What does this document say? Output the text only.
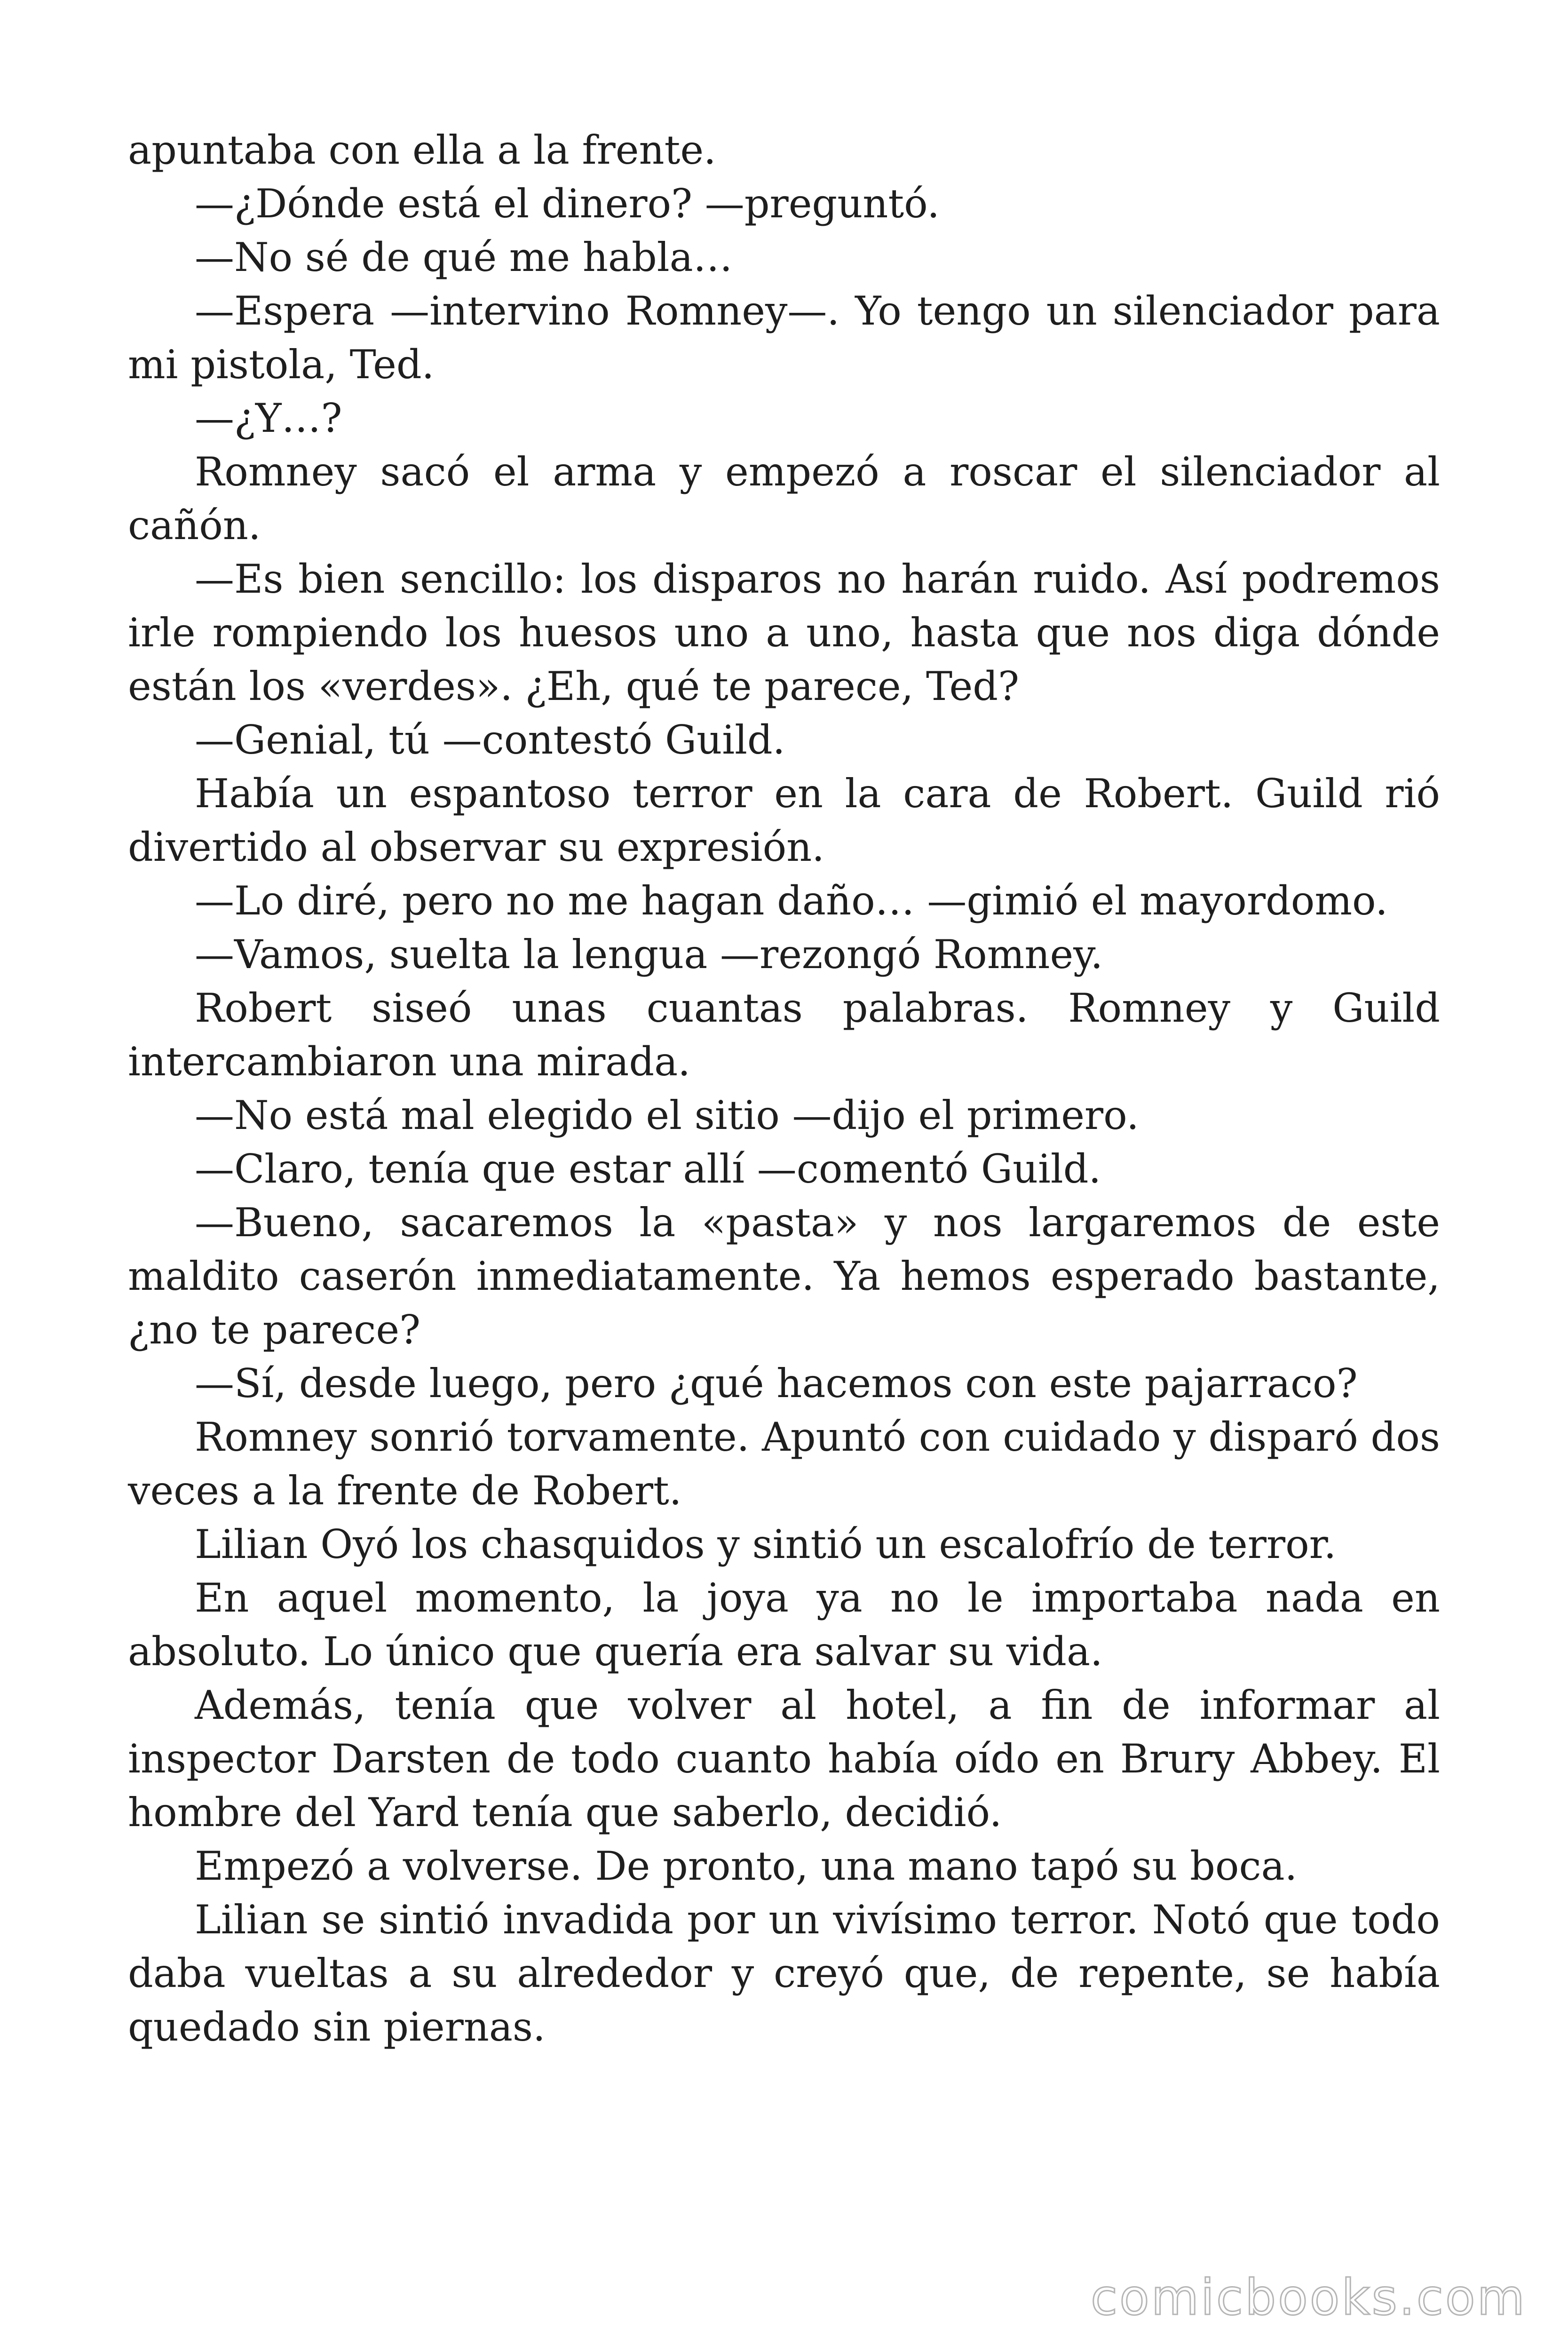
apuntaba con ella a la frente.

—¿Dónde está el dinero? —preguntó.

—No sé de qué me habla…

—Espera —intervino Romney—. Yo tengo un silenciador para mi pistola, Ted.

—¿Y…?

Romney sacó el arma y empezó a roscar el silenciador al cañón.

—Es bien sencillo: los disparos no harán ruido. Así podremos irle rompiendo los huesos uno a uno, hasta que nos diga dónde están los «verdes». ¿Eh, qué te parece, Ted?

—Genial, tú —contestó Guild.

Había un espantoso terror en la cara de Robert. Guild rió divertido al observar su expresión.

—Lo diré, pero no me hagan daño… —gimió el mayordomo.

—Vamos, suelta la lengua —rezongó Romney.

Robert siseó unas cuantas palabras. Romney y Guild intercambiaron una mirada.

—No está mal elegido el sitio —dijo el primero.

—Claro, tenía que estar allí —comentó Guild.

—Bueno, sacaremos la «pasta» y nos largaremos de este maldito caserón inmediatamente. Ya hemos esperado bastante, ¿no te parece?

—Sí, desde luego, pero ¿qué hacemos con este pajarraco?

Romney sonrió torvamente. Apuntó con cuidado y disparó dos veces a la frente de Robert.

Lilian Oyó los chasquidos y sintió un escalofrío de terror.

En aquel momento, la joya ya no le importaba nada en absoluto. Lo único que quería era salvar su vida.

Además, tenía que volver al hotel, a fin de informar al inspector Darsten de todo cuanto había oído en Brury Abbey. El hombre del Yard tenía que saberlo, decidió.

Empezó a volverse. De pronto, una mano tapó su boca.

Lilian se sintió invadida por un vivísimo terror. Notó que todo daba vueltas a su alrededor y creyó que, de repente, se había quedado sin piernas.

comicbooks.com
